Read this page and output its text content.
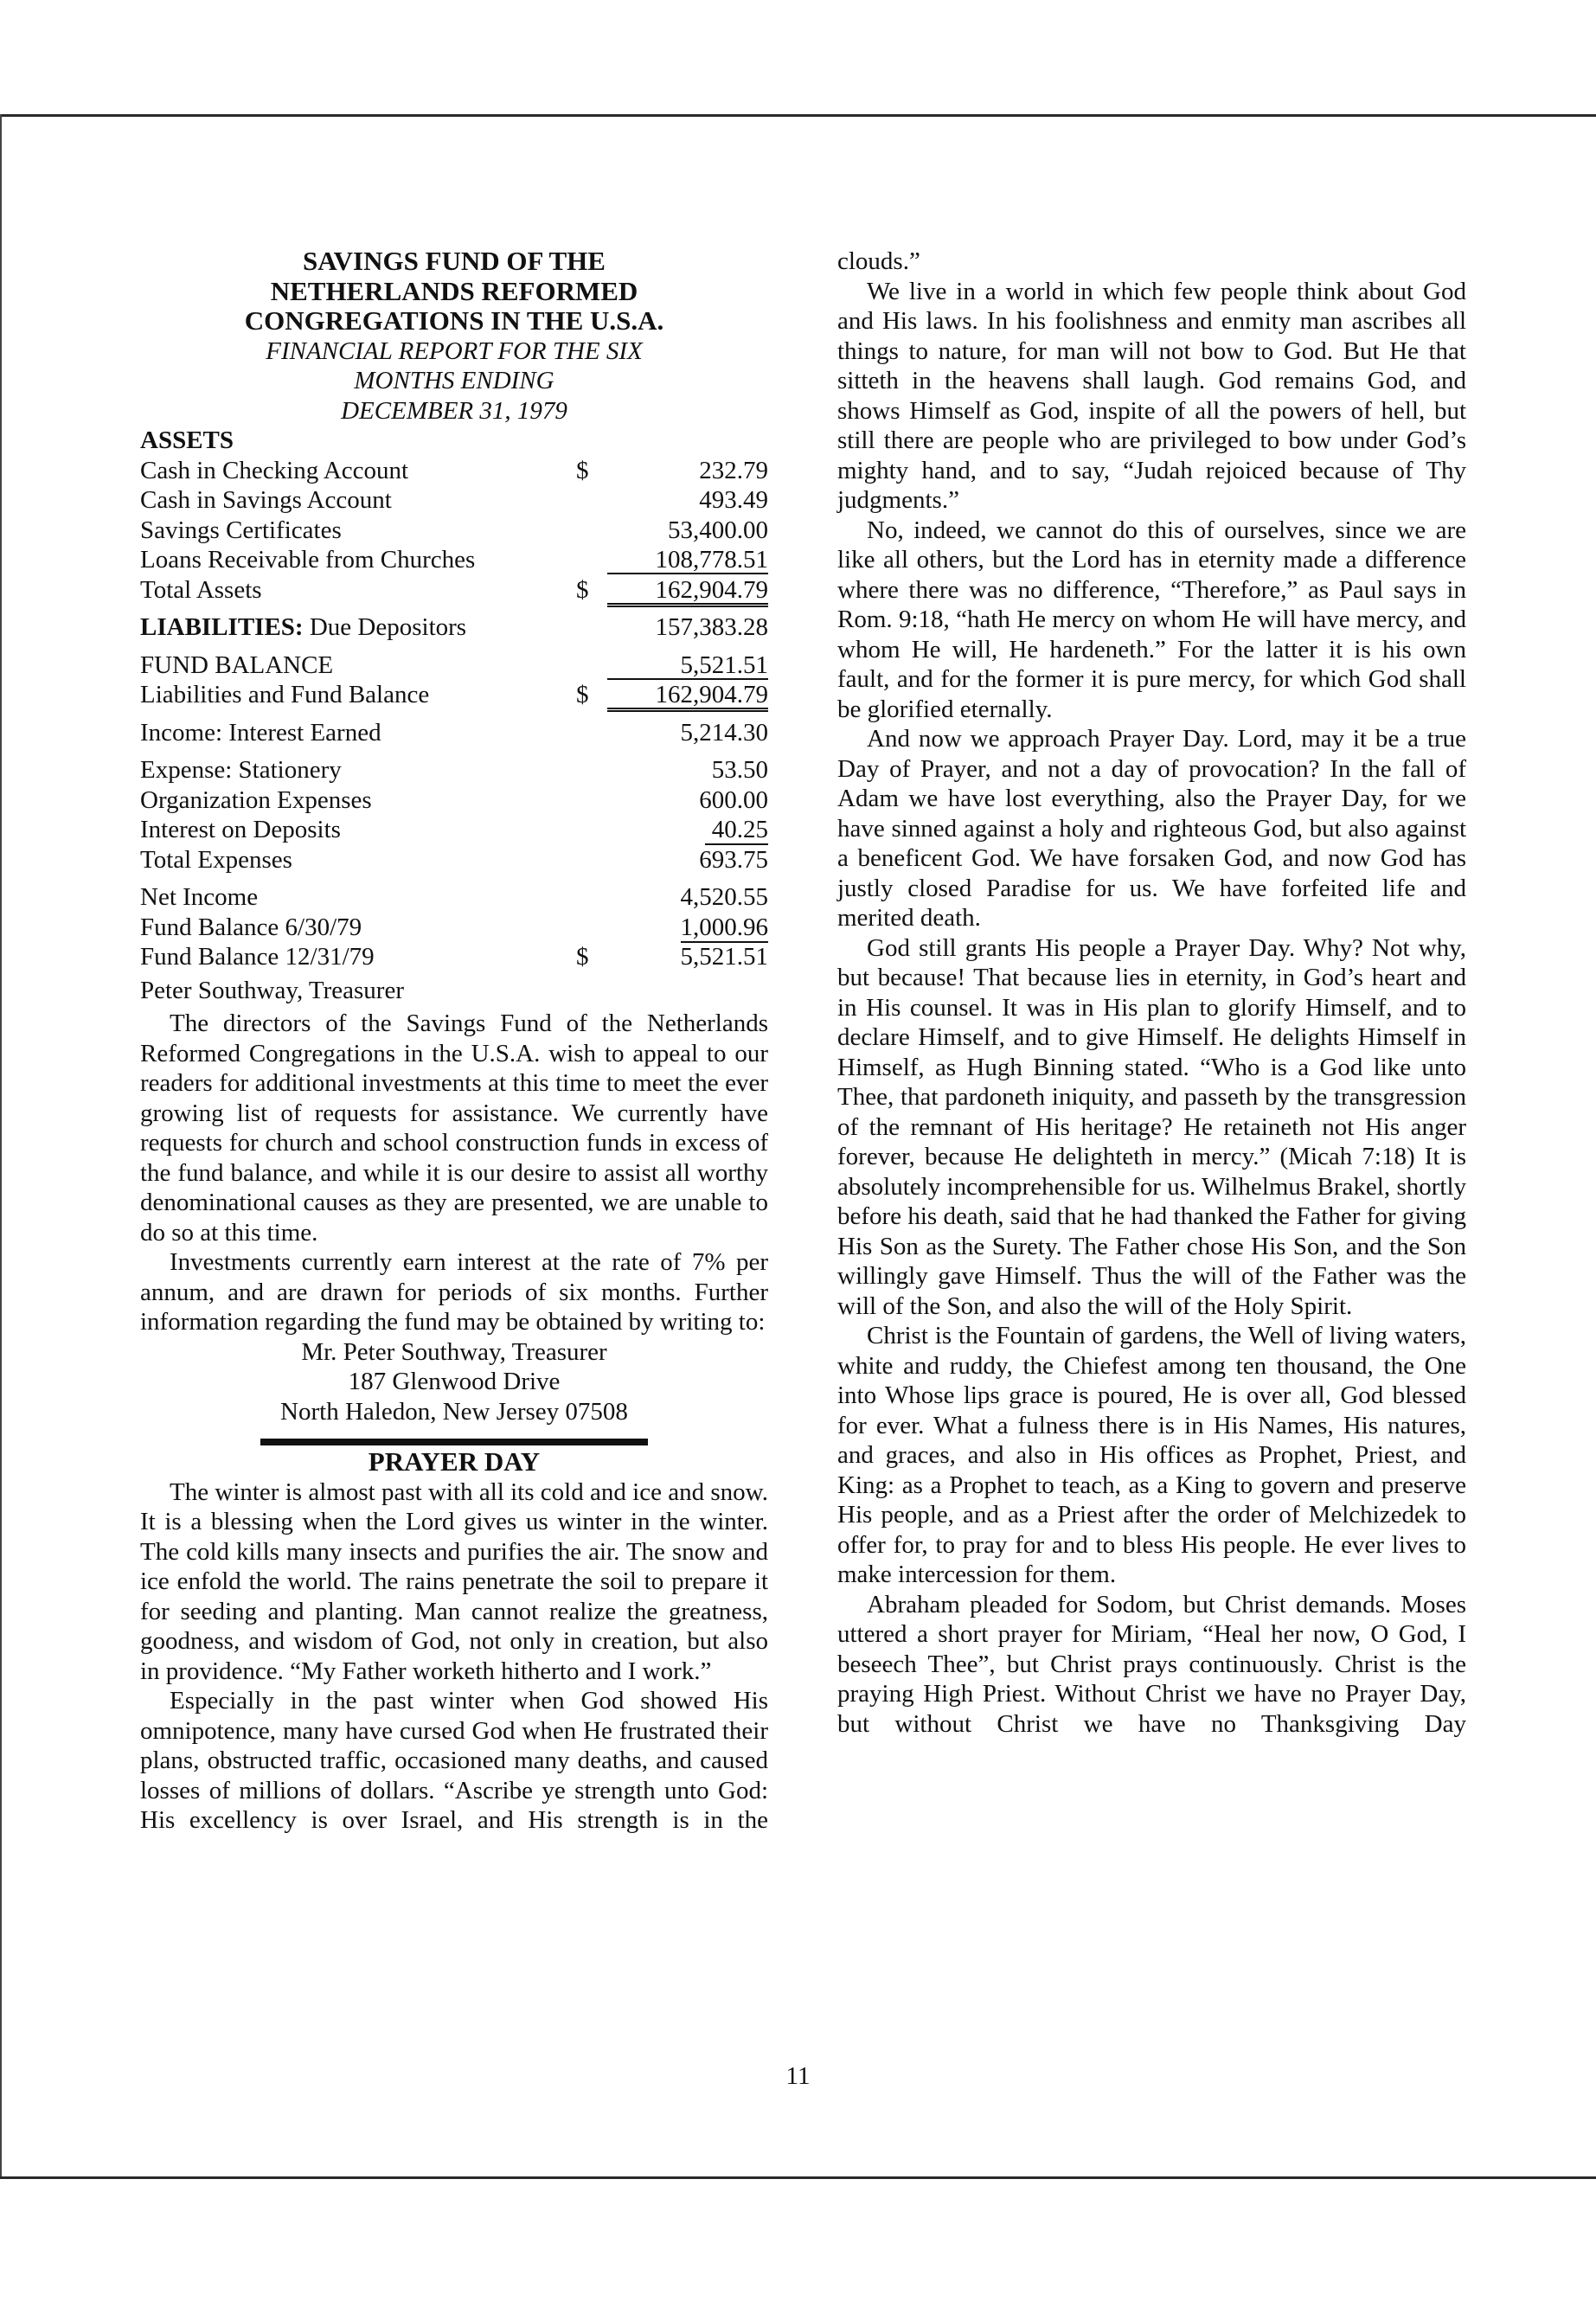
SAVINGS FUND OF THE
NETHERLANDS REFORMED
CONGREGATIONS IN THE U.S.A.
FINANCIAL REPORT FOR THE SIX
MONTHS ENDING
DECEMBER 31, 1979
ASSETS
Cash in Checking Account	$	232.79
Cash in Savings Account	493.49
Savings Certificates	53,400.00
Loans Receivable from Churches	108,778.51
Total Assets	$	162,904.79
LIABILITIES: Due Depositors	157,383.28
FUND BALANCE	5,521.51
Liabilities and Fund Balance	$	162,904.79
Income: Interest Earned	5,214.30
Expense: Stationery	53.50
Organization Expenses	600.00
Interest on Deposits	40.25
Total Expenses	693.75
Net Income	4,520.55
Fund Balance 6/30/79	1,000.96
Fund Balance 12/31/79	$	5,521.51
Peter Southway, Treasurer

The directors of the Savings Fund of the Netherlands Reformed Congregations in the U.S.A. wish to appeal to our readers for additional investments at this time to meet the ever growing list of requests for assistance. We currently have requests for church and school construction funds in excess of the fund balance, and while it is our desire to assist all worthy denominational causes as they are presented, we are unable to do so at this time.

Investments currently earn interest at the rate of 7% per annum, and are drawn for periods of six months. Further information regarding the fund may be obtained by writing to:

Mr. Peter Southway, Treasurer
187 Glenwood Drive
North Haledon, New Jersey 07508
PRAYER DAY

The winter is almost past with all its cold and ice and snow. It is a blessing when the Lord gives us winter in the winter. The cold kills many insects and purifies the air. The snow and ice enfold the world. The rains penetrate the soil to prepare it for seeding and planting. Man cannot realize the greatness, goodness, and wisdom of God, not only in creation, but also in providence. “My Father worketh hitherto and I work.”

Especially in the past winter when God showed His omnipotence, many have cursed God when He frustrated their plans, obstructed traffic, occasioned many deaths, and caused losses of millions of dollars. “Ascribe ye strength unto God: His excellency is over Israel, and His strength is in the

clouds.”

We live in a world in which few people think about God and His laws. In his foolishness and enmity man ascribes all things to nature, for man will not bow to God. But He that sitteth in the heavens shall laugh. God remains God, and shows Himself as God, inspite of all the powers of hell, but still there are people who are privileged to bow under God’s mighty hand, and to say, “Judah rejoiced because of Thy judgments.”

No, indeed, we cannot do this of ourselves, since we are like all others, but the Lord has in eternity made a difference where there was no difference, “Therefore,” as Paul says in Rom. 9:18, “hath He mercy on whom He will have mercy, and whom He will, He hardeneth.” For the latter it is his own fault, and for the former it is pure mercy, for which God shall be glorified eternally.

And now we approach Prayer Day. Lord, may it be a true Day of Prayer, and not a day of provocation? In the fall of Adam we have lost everything, also the Prayer Day, for we have sinned against a holy and righteous God, but also against a beneficent God. We have forsaken God, and now God has justly closed Paradise for us. We have forfeited life and merited death.

God still grants His people a Prayer Day. Why? Not why, but because! That because lies in eternity, in God’s heart and in His counsel. It was in His plan to glorify Himself, and to declare Himself, and to give Himself. He delights Himself in Himself, as Hugh Binning stated. “Who is a God like unto Thee, that pardoneth iniquity, and passeth by the transgression of the remnant of His heritage? He retaineth not His anger forever, because He delighteth in mercy.” (Micah 7:18) It is absolutely incomprehensible for us. Wilhelmus Brakel, shortly before his death, said that he had thanked the Father for giving His Son as the Surety. The Father chose His Son, and the Son willingly gave Himself. Thus the will of the Father was the will of the Son, and also the will of the Holy Spirit.

Christ is the Fountain of gardens, the Well of living waters, white and ruddy, the Chiefest among ten thousand, the One into Whose lips grace is poured, He is over all, God blessed for ever. What a fulness there is in His Names, His natures, and graces, and also in His offices as Prophet, Priest, and King: as a Prophet to teach, as a King to govern and preserve His people, and as a Priest after the order of Melchizedek to offer for, to pray for and to bless His people. He ever lives to make intercession for them.

Abraham pleaded for Sodom, but Christ demands. Moses uttered a short prayer for Miriam, “Heal her now, O God, I beseech Thee”, but Christ prays continuously. Christ is the praying High Priest. Without Christ we have no Prayer Day, but without Christ we have no Thanksgiving Day

11
